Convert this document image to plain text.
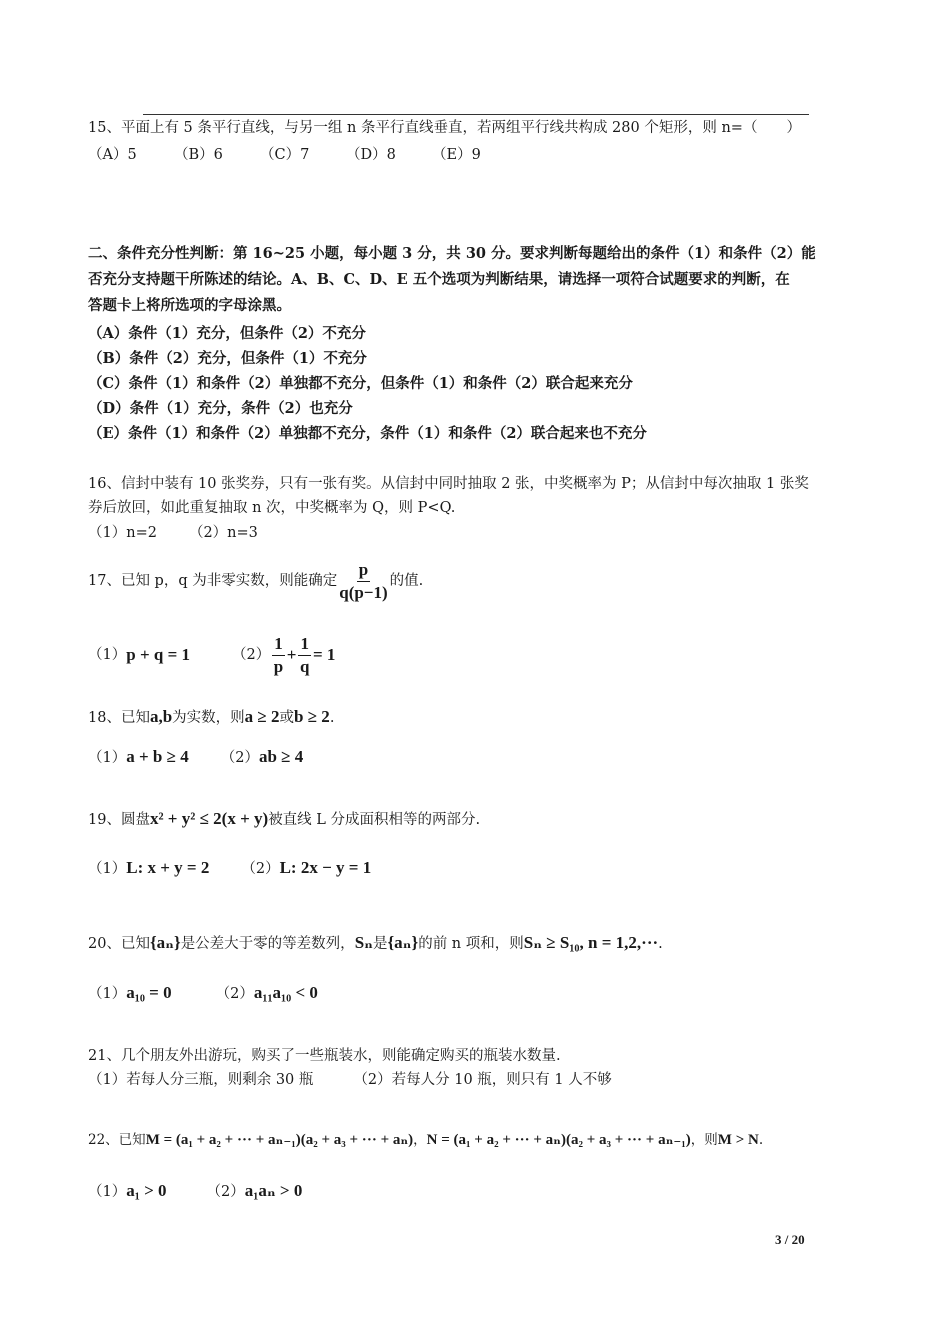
15、平面上有 5 条平行直线，与另一组 n 条平行直线垂直，若两组平行线共构成 280 个矩形，则 n=（　　）
（A）5	（B）6	（C）7	（D）8 （E）9
二、条件充分性判断：第 16~25 小题，每小题 3 分，共 30 分。要求判断每题给出的条件（1）和条件（2）能
否充分支持题干所陈述的结论。A、B、C、D、E 五个选项为判断结果，请选择一项符合试题要求的判断，在
答题卡上将所选项的字母涂黑。
（A）条件（1）充分，但条件（2）不充分
（B）条件（2）充分，但条件（1）不充分
（C）条件（1）和条件（2）单独都不充分，但条件（1）和条件（2）联合起来充分
（D）条件（1）充分，条件（2）也充分
（E）条件（1）和条件（2）单独都不充分，条件（1）和条件（2）联合起来也不充分
16、信封中装有 10 张奖券，只有一张有奖。从信封中同时抽取 2 张，中奖概率为 P；从信封中每次抽取 1 张奖
券后放回，如此重复抽取 n 次，中奖概率为 Q，则 P<Q.
（1）n=2 （2）n=3
17、已知 p，q 为非零实数，则能确定 $\frac{p}{q(p-1)}$ 的值.
（1） p + q = 1	$(2) \frac{1}{p} + \frac{1}{q} = 1$
18、已知a,b为实数，则a ≥ 2或b ≥ 2.
（1）a + b ≥ 4 （2）ab ≥ 4
19、圆盘x² + y² ≤ 2(x + y)被直线 L 分成面积相等的两部分.
（1）L: x + y = 2 （2）L: 2x − y = 1
20、已知{aₙ}是公差大于零的等差数列，Sₙ是{aₙ}的前 n 项和，则Sₙ ≥ S₁₀, n = 1,2,···.
（1）a₁₀ = 0	（2）a₁₁a₁₀ < 0
21、几个朋友外出游玩，购买了一些瓶装水，则能确定购买的瓶装水数量.
（1）若每人分三瓶，则剩余 30 瓶	（2）若每人分 10 瓶，则只有 1 人不够
22、已知M = (a₁ + a₂ + ··· + aₙ₋₁)(a₂ + a₃ + ··· + aₙ)，N = (a₁ + a₂ + ··· + aₙ)(a₂ + a₃ + ··· + aₙ₋₁)，则M > N.
（1）a₁ > 0	（2）a₁aₙ > 0
3 / 20
